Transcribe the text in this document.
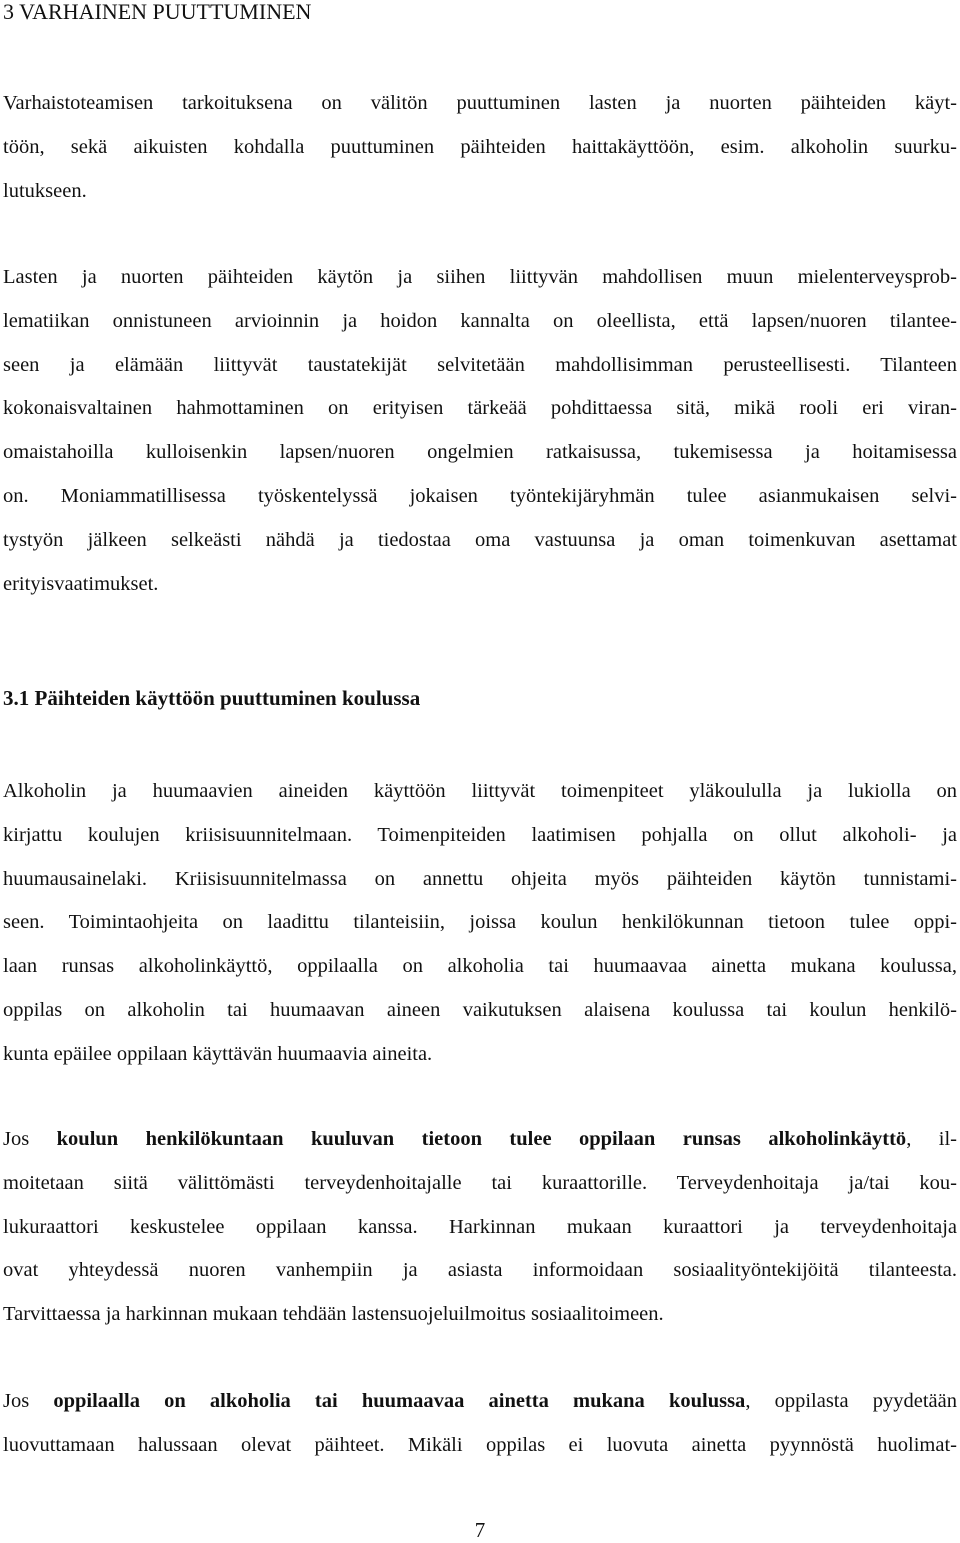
3 VARHAINEN PUUTTUMINEN
Varhaistoteamisen tarkoituksena on välitön puuttuminen lasten ja nuorten päihteiden käyt-
töön, sekä aikuisten kohdalla puuttuminen päihteiden haittakäyttöön, esim. alkoholin suurku-
lutukseen.
Lasten ja nuorten päihteiden käytön ja siihen liittyvän mahdollisen muun mielenterveysprob-
lematiikan onnistuneen arvioinnin ja hoidon kannalta on oleellista, että lapsen/nuoren tilantee-
seen ja elämään liittyvät taustatekijät selvitetään mahdollisimman perusteellisesti. Tilanteen
kokonaisvaltainen hahmottaminen on erityisen tärkeää pohdittaessa sitä, mikä rooli eri viran-
omaistahoilla kulloisenkin lapsen/nuoren ongelmien ratkaisussa, tukemisessa ja hoitamisessa
on. Moniammatillisessa työskentelyssä jokaisen työntekijäryhmän tulee asianmukaisen selvi-
tystyön jälkeen selkeästi nähdä ja tiedostaa oma vastuunsa ja oman toimenkuvan asettamat
erityisvaatimukset.
3.1 Päihteiden käyttöön puuttuminen koulussa
Alkoholin ja huumaavien aineiden käyttöön liittyvät toimenpiteet yläkoululla ja lukiolla on
kirjattu koulujen kriisisuunnitelmaan. Toimenpiteiden laatimisen pohjalla on ollut alkoholi- ja
huumausainelaki. Kriisisuunnitelmassa on annettu ohjeita myös päihteiden käytön tunnistami-
seen. Toimintaohjeita on laadittu tilanteisiin, joissa koulun henkilökunnan tietoon tulee oppi-
laan runsas alkoholinkäyttö, oppilaalla on alkoholia tai huumaavaa ainetta mukana koulussa,
oppilas on alkoholin tai huumaavan aineen vaikutuksen alaisena koulussa tai koulun henkilö-
kunta epäilee oppilaan käyttävän huumaavia aineita.
Jos koulun henkilökuntaan kuuluvan tietoon tulee oppilaan runsas alkoholinkäyttö, il-
moitetaan siitä välittömästi terveydenhoitajalle tai kuraattorille. Terveydenhoitaja ja/tai kou-
lukuraattori keskustelee oppilaan kanssa. Harkinnan mukaan kuraattori ja terveydenhoitaja
ovat yhteydessä nuoren vanhempiin ja asiasta informoidaan sosiaalityöntekijöitä tilanteesta.
Tarvittaessa ja harkinnan mukaan tehdään lastensuojeluilmoitus sosiaalitoimeen.
Jos oppilaalla on alkoholia tai huumaavaa ainetta mukana koulussa, oppilasta pyydetään
luovuttamaan halussaan olevat päihteet. Mikäli oppilas ei luovuta ainetta pyynnöstä huolimat-
7
